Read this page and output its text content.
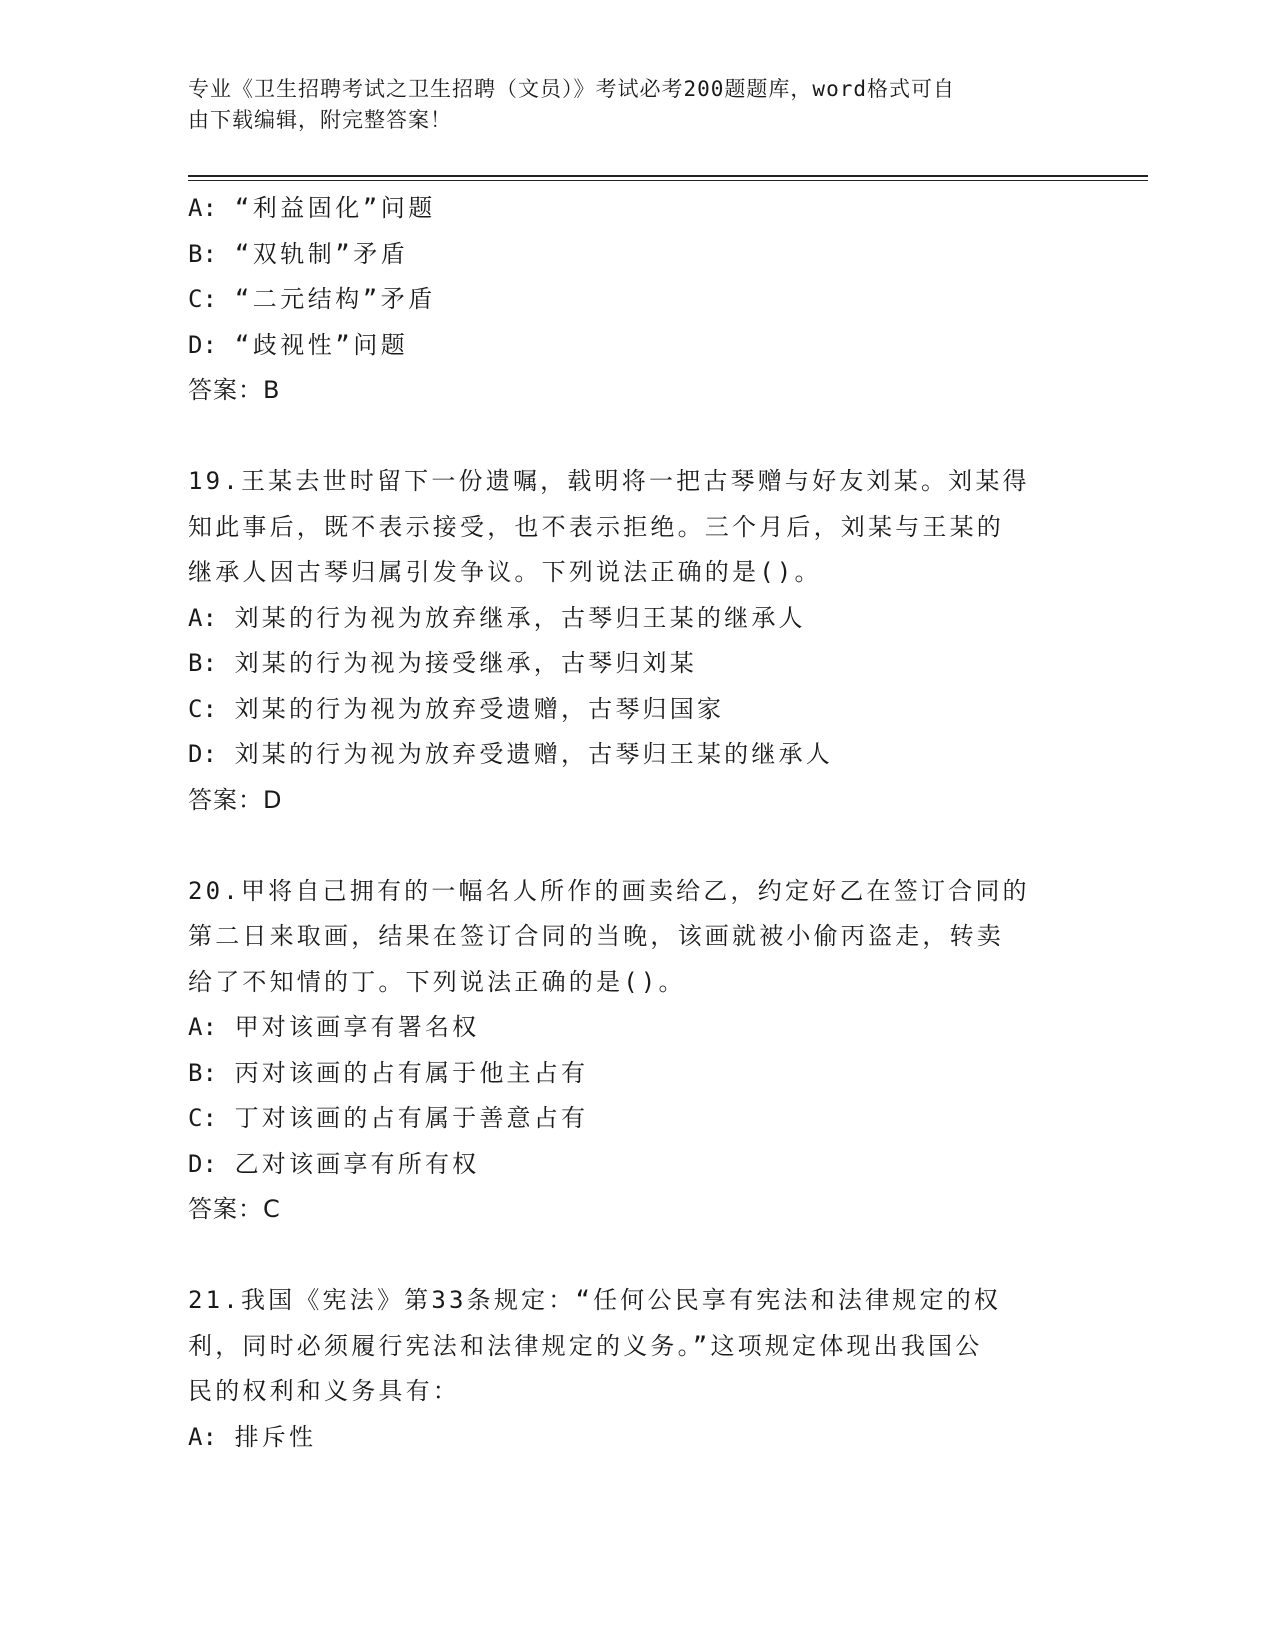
专业《卫生招聘考试之卫生招聘（文员）》考试必考200题题库，word格式可自
由下载编辑，附完整答案！
A: “利益固化”问题
B: “双轨制”矛盾
C: “二元结构”矛盾
D: “歧视性”问题
答案：B
19.王某去世时留下一份遗嘱，载明将一把古琴赠与好友刘某。刘某得
知此事后，既不表示接受，也不表示拒绝。三个月后，刘某与王某的
继承人因古琴归属引发争议。下列说法正确的是()。
A: 刘某的行为视为放弃继承，古琴归王某的继承人
B: 刘某的行为视为接受继承，古琴归刘某
C: 刘某的行为视为放弃受遗赠，古琴归国家
D: 刘某的行为视为放弃受遗赠，古琴归王某的继承人
答案：D
20.甲将自己拥有的一幅名人所作的画卖给乙，约定好乙在签订合同的
第二日来取画，结果在签订合同的当晚，该画就被小偷丙盗走，转卖
给了不知情的丁。下列说法正确的是()。
A: 甲对该画享有署名权
B: 丙对该画的占有属于他主占有
C: 丁对该画的占有属于善意占有
D: 乙对该画享有所有权
答案：C
21.我国《宪法》第33条规定：“任何公民享有宪法和法律规定的权
利，同时必须履行宪法和法律规定的义务。”这项规定体现出我国公
民的权利和义务具有：
A: 排斥性
